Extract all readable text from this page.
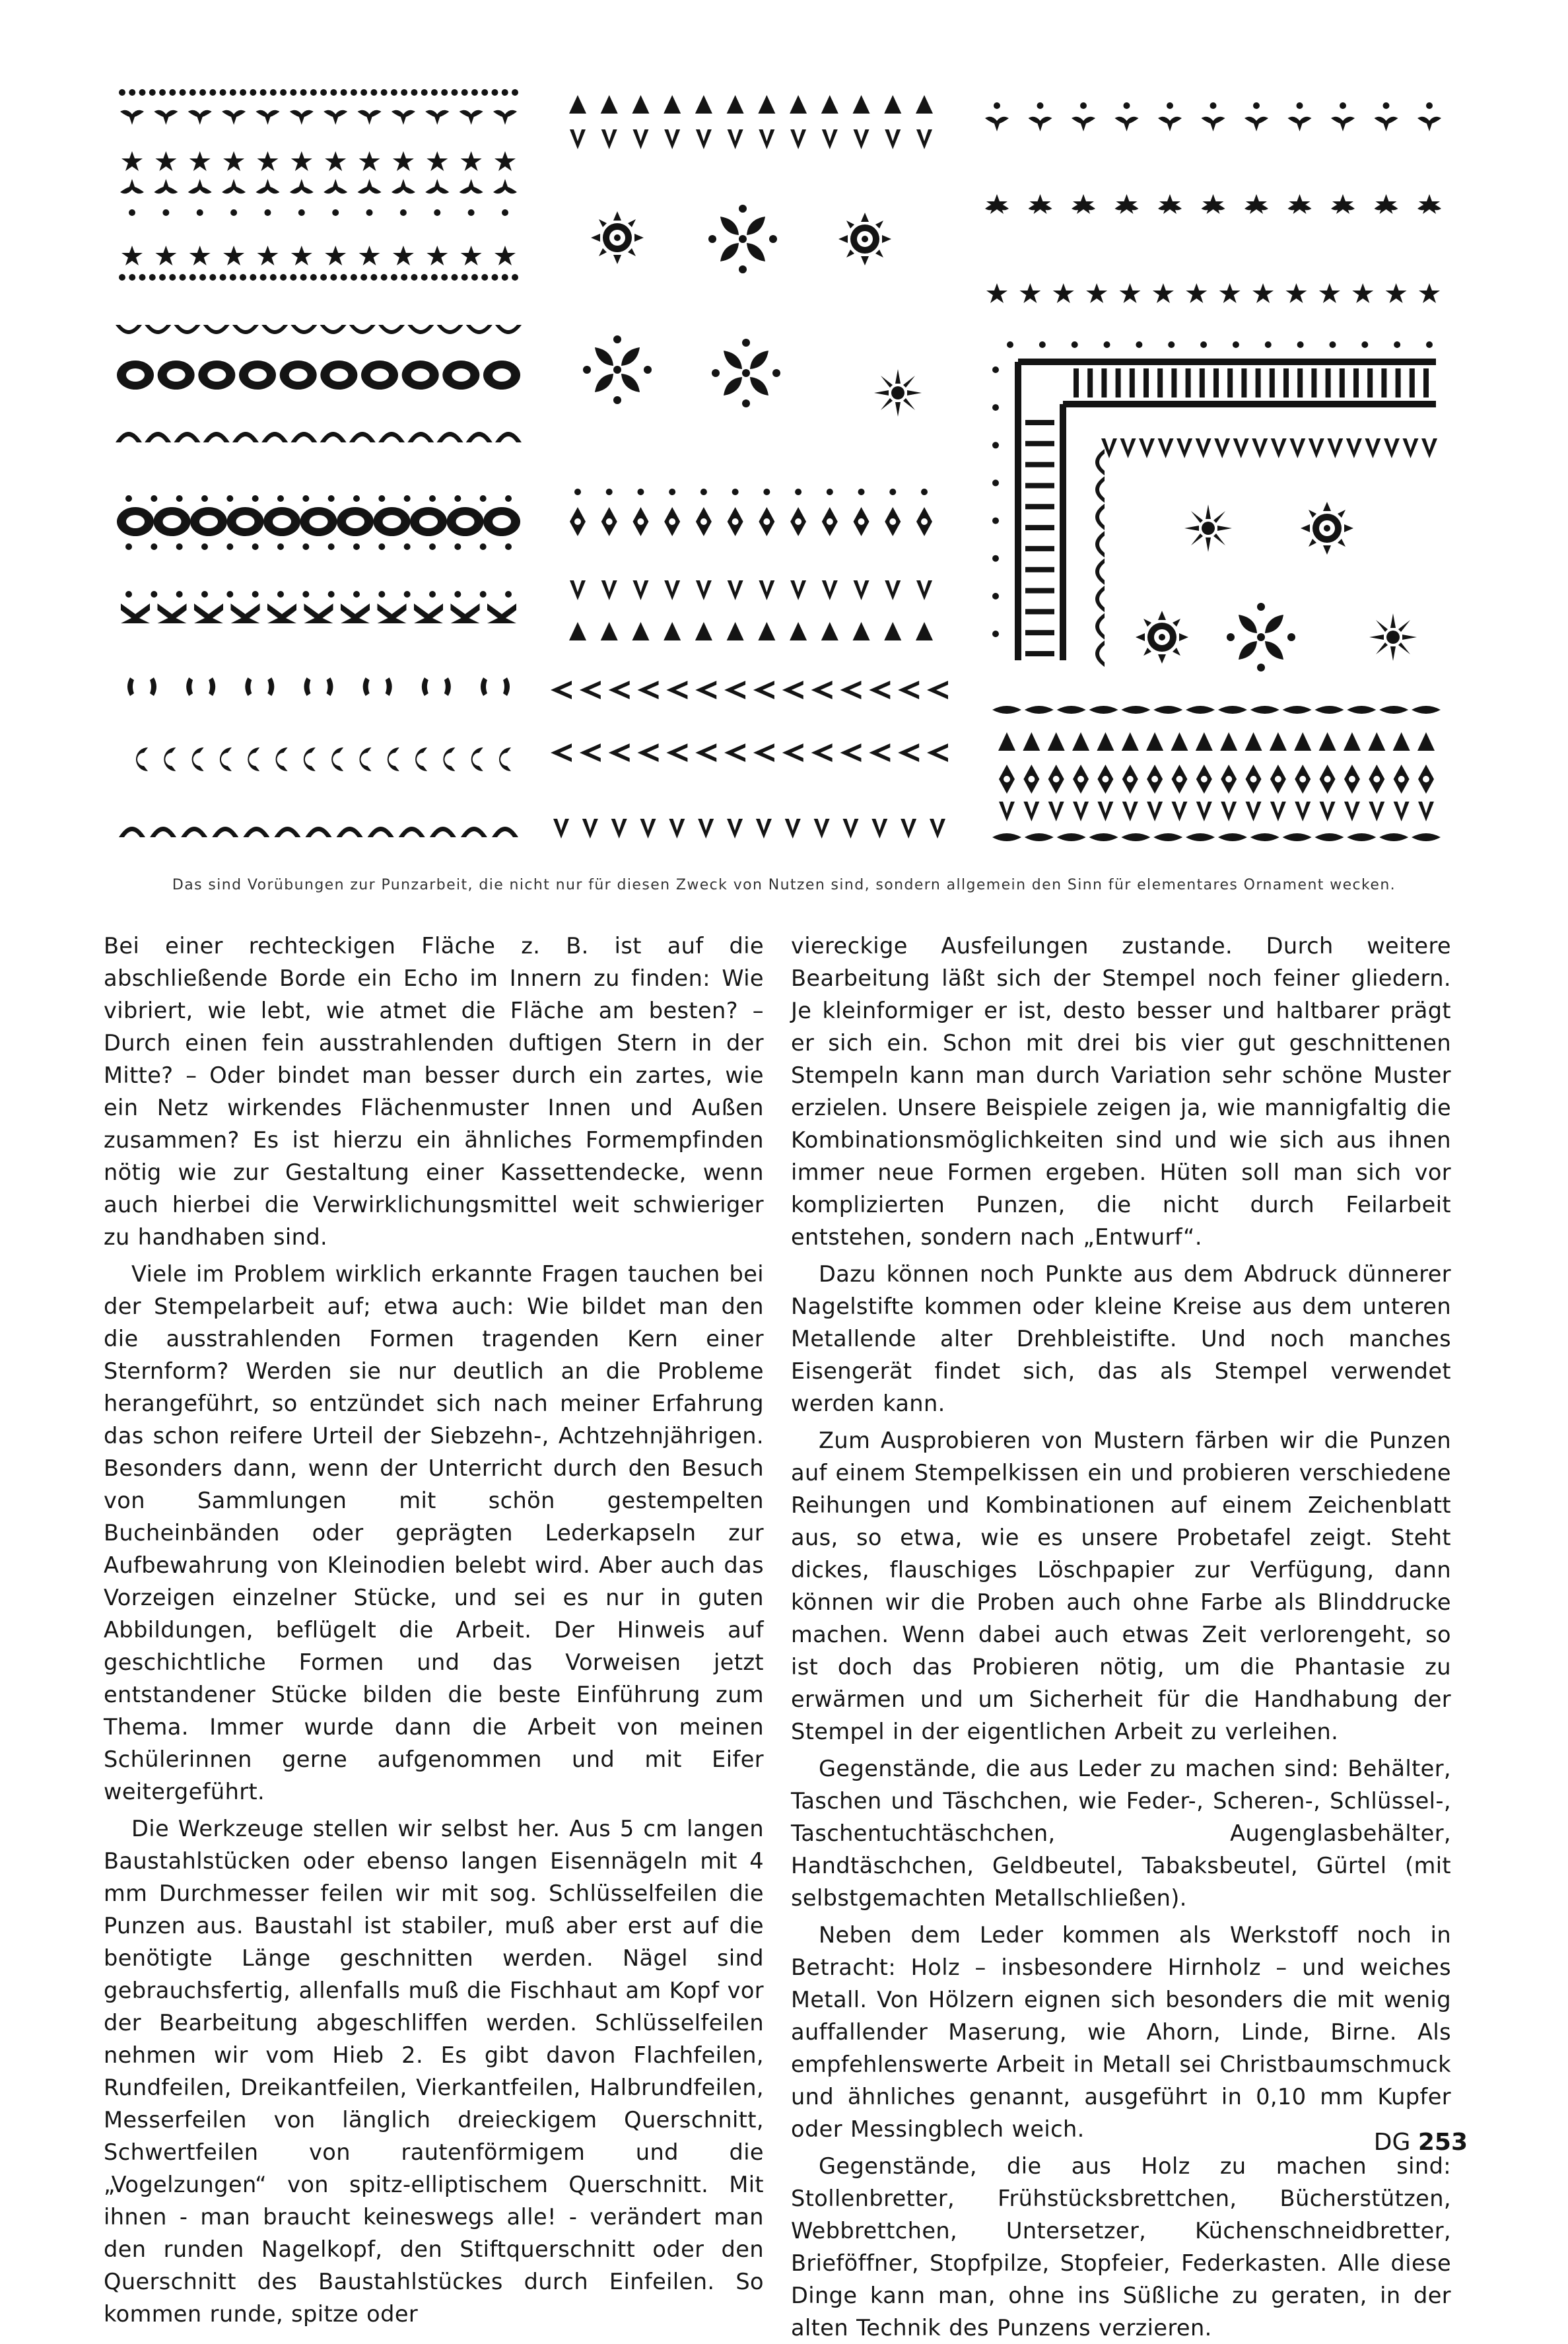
Das sind Vorübungen zur Punzarbeit, die nicht nur für diesen Zweck von Nutzen sind, sondern allgemein den Sinn für elementares Ornament wecken.

Bei einer rechteckigen Fläche z. B. ist auf die abschließende Borde ein Echo im Innern zu finden: Wie vibriert, wie lebt, wie atmet die Fläche am besten? – Durch einen fein ausstrahlenden duftigen Stern in der Mitte? – Oder bindet man besser durch ein zartes, wie ein Netz wirkendes Flächenmuster Innen und Außen zusammen? Es ist hierzu ein ähnliches Formempfinden nötig wie zur Gestaltung einer Kassettendecke, wenn auch hierbei die Verwirklichungsmittel weit schwieriger zu handhaben sind.

Viele im Problem wirklich erkannte Fragen tauchen bei der Stempelarbeit auf; etwa auch: Wie bildet man den die ausstrahlenden Formen tragenden Kern einer Sternform? Werden sie nur deutlich an die Probleme herangeführt, so entzündet sich nach meiner Erfahrung das schon reifere Urteil der Siebzehn-, Achtzehnjährigen. Besonders dann, wenn der Unterricht durch den Besuch von Sammlungen mit schön gestempelten Bucheinbänden oder geprägten Lederkapseln zur Aufbewahrung von Kleinodien belebt wird. Aber auch das Vorzeigen einzelner Stücke, und sei es nur in guten Abbildungen, beflügelt die Arbeit. Der Hinweis auf geschichtliche Formen und das Vorweisen jetzt entstandener Stücke bilden die beste Einführung zum Thema. Immer wurde dann die Arbeit von meinen Schülerinnen gerne aufgenommen und mit Eifer weitergeführt.

Die Werkzeuge stellen wir selbst her. Aus 5 cm langen Baustahlstücken oder ebenso langen Eisennägeln mit 4 mm Durchmesser feilen wir mit sog. Schlüsselfeilen die Punzen aus. Baustahl ist stabiler, muß aber erst auf die benötigte Länge geschnitten werden. Nägel sind gebrauchsfertig, allenfalls muß die Fischhaut am Kopf vor der Bearbeitung abgeschliffen werden. Schlüsselfeilen nehmen wir vom Hieb 2. Es gibt davon Flachfeilen, Rundfeilen, Dreikantfeilen, Vierkantfeilen, Halbrundfeilen, Messerfeilen von länglich dreieckigem Querschnitt, Schwertfeilen von rautenförmigem und die „Vogelzungen“ von spitz-elliptischem Querschnitt. Mit ihnen - man braucht keineswegs alle! - verändert man den runden Nagelkopf, den Stiftquerschnitt oder den Querschnitt des Baustahlstückes durch Einfeilen. So kommen runde, spitze oder

viereckige Ausfeilungen zustande. Durch weitere Bearbeitung läßt sich der Stempel noch feiner gliedern. Je kleinformiger er ist, desto besser und haltbarer prägt er sich ein. Schon mit drei bis vier gut geschnittenen Stempeln kann man durch Variation sehr schöne Muster erzielen. Unsere Beispiele zeigen ja, wie mannigfaltig die Kombinationsmöglichkeiten sind und wie sich aus ihnen immer neue Formen ergeben. Hüten soll man sich vor komplizierten Punzen, die nicht durch Feilarbeit entstehen, sondern nach „Entwurf“.

Dazu können noch Punkte aus dem Abdruck dünnerer Nagelstifte kommen oder kleine Kreise aus dem unteren Metallende alter Drehbleistifte. Und noch manches Eisengerät findet sich, das als Stempel verwendet werden kann.

Zum Ausprobieren von Mustern färben wir die Punzen auf einem Stempelkissen ein und probieren verschiedene Reihungen und Kombinationen auf einem Zeichenblatt aus, so etwa, wie es unsere Probetafel zeigt. Steht dickes, flauschiges Löschpapier zur Verfügung, dann können wir die Proben auch ohne Farbe als Blinddrucke machen. Wenn dabei auch etwas Zeit verlorengeht, so ist doch das Probieren nötig, um die Phantasie zu erwärmen und um Sicherheit für die Handhabung der Stempel in der eigentlichen Arbeit zu verleihen.

Gegenstände, die aus Leder zu machen sind: Behälter, Taschen und Täschchen, wie Feder-, Scheren-, Schlüssel-, Taschentuchtäschchen, Augenglasbehälter, Handtäschchen, Geldbeutel, Tabaksbeutel, Gürtel (mit selbstgemachten Metallschließen).

Neben dem Leder kommen als Werkstoff noch in Betracht: Holz – insbesondere Hirnholz – und weiches Metall. Von Hölzern eignen sich besonders die mit wenig auffallender Maserung, wie Ahorn, Linde, Birne. Als empfehlenswerte Arbeit in Metall sei Christbaumschmuck und ähnliches genannt, ausgeführt in 0,10 mm Kupfer oder Messingblech weich.

Gegenstände, die aus Holz zu machen sind: Stollenbretter, Frühstücksbrettchen, Bücherstützen, Webbrettchen, Untersetzer, Küchenschneidbretter, Brieföffner, Stopfpilze, Stopfeier, Federkasten. Alle diese Dinge kann man, ohne ins Süßliche zu geraten, in der alten Technik des Punzens verzieren.

DG 253
